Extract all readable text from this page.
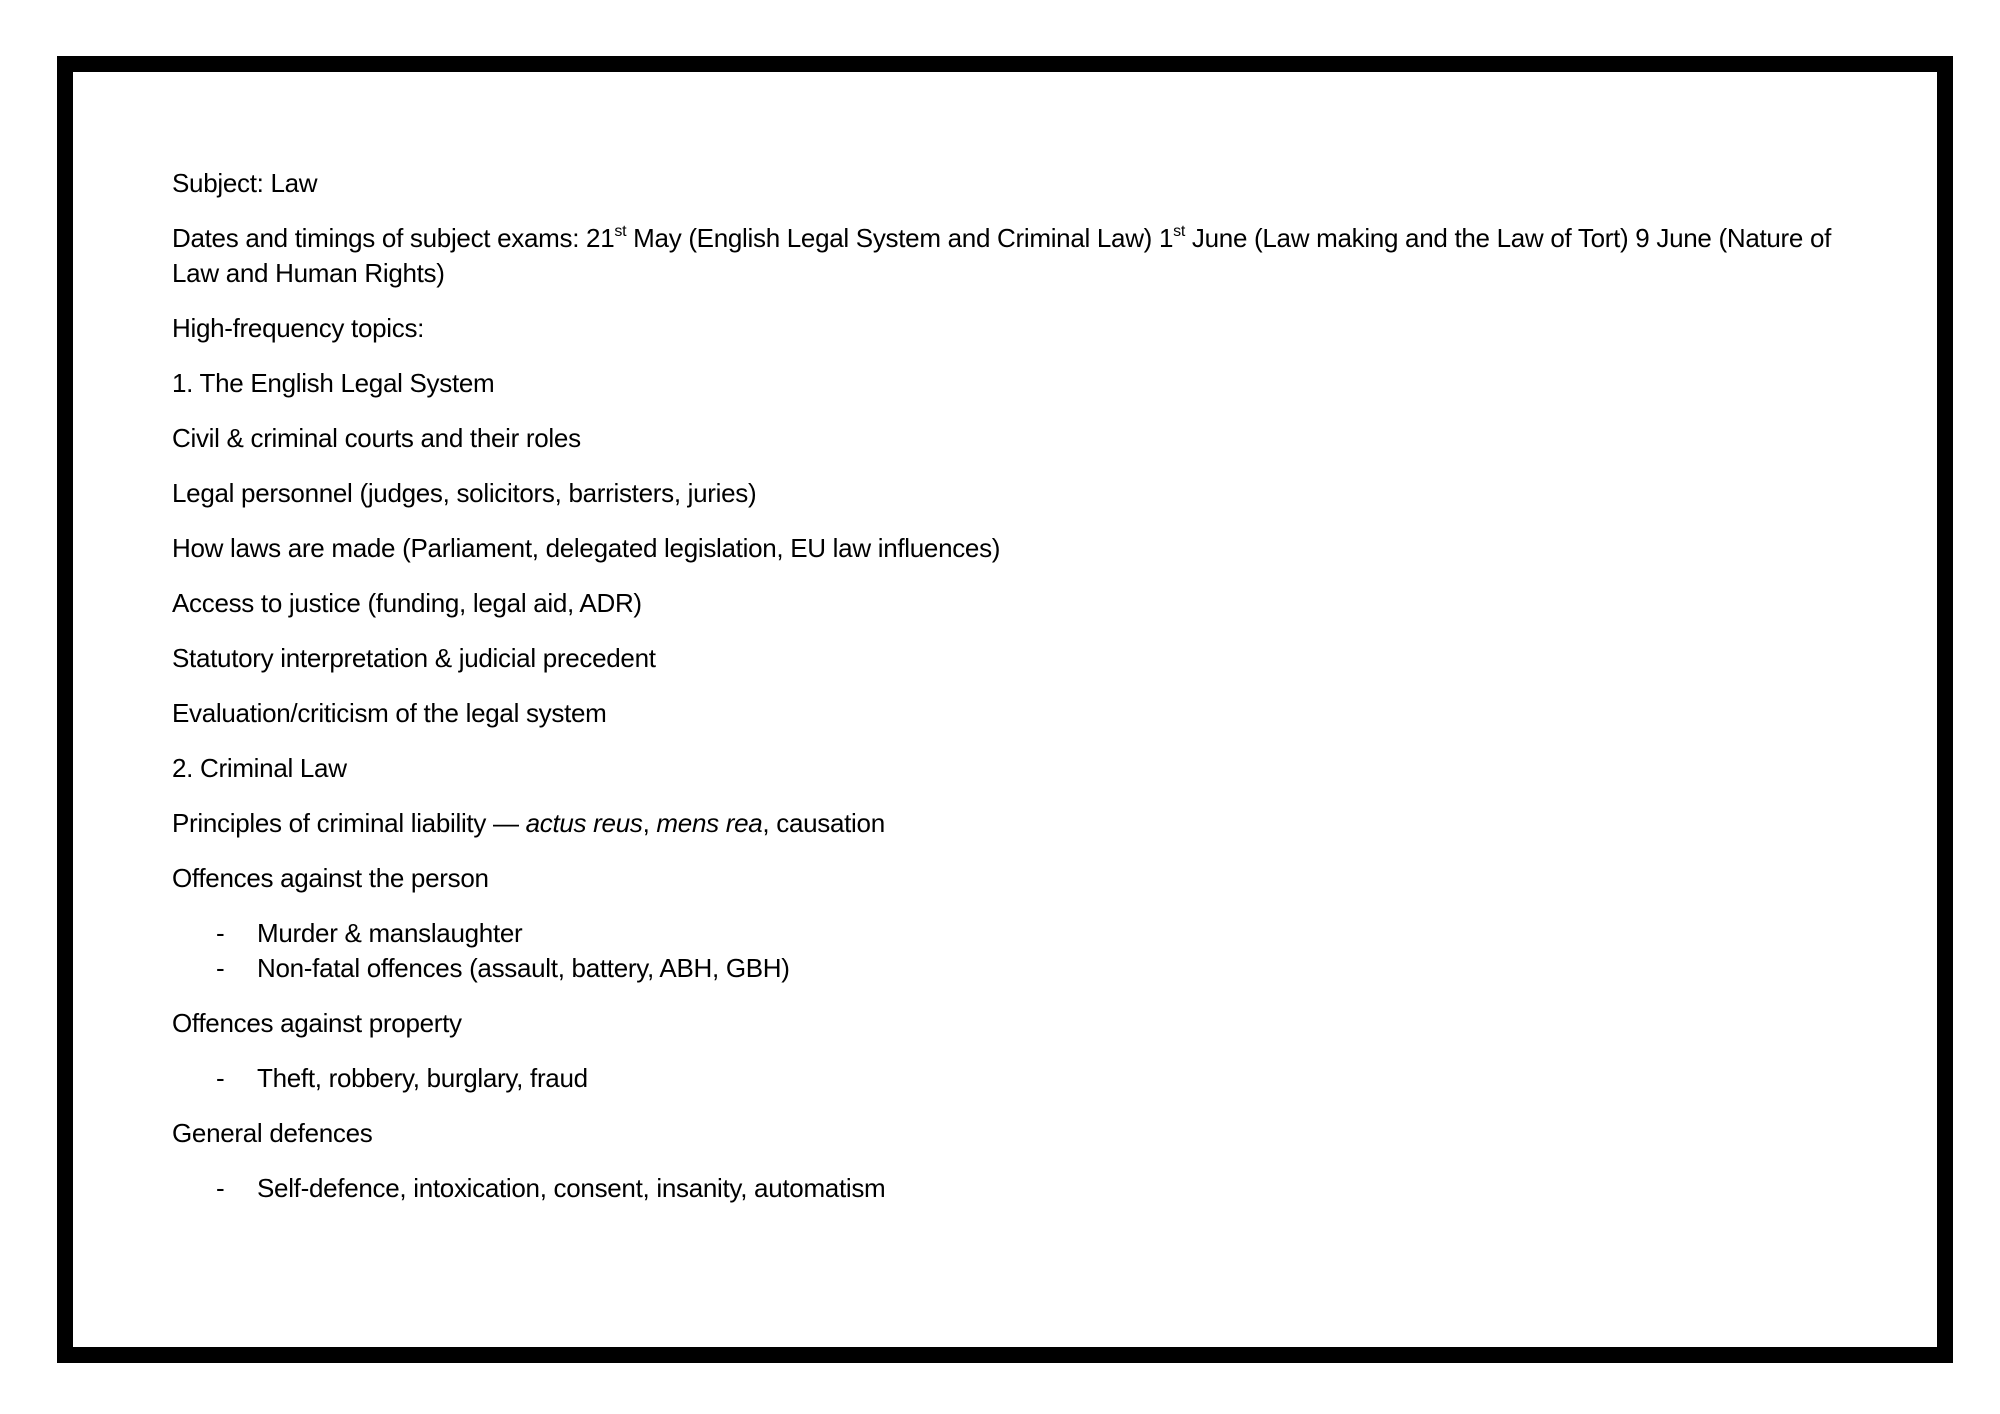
Subject: Law

Dates and timings of subject exams: 21st May (English Legal System and Criminal Law) 1st June (Law making and the Law of Tort) 9 June (Nature of Law and Human Rights)

High-frequency topics:

1. The English Legal System

Civil & criminal courts and their roles

Legal personnel (judges, solicitors, barristers, juries)

How laws are made (Parliament, delegated legislation, EU law influences)

Access to justice (funding, legal aid, ADR)

Statutory interpretation & judicial precedent

Evaluation/criticism of the legal system

2. Criminal Law

Principles of criminal liability — actus reus, mens rea, causation

Offences against the person

- Murder & manslaughter
- Non-fatal offences (assault, battery, ABH, GBH)

Offences against property

- Theft, robbery, burglary, fraud

General defences

- Self-defence, intoxication, consent, insanity, automatism
